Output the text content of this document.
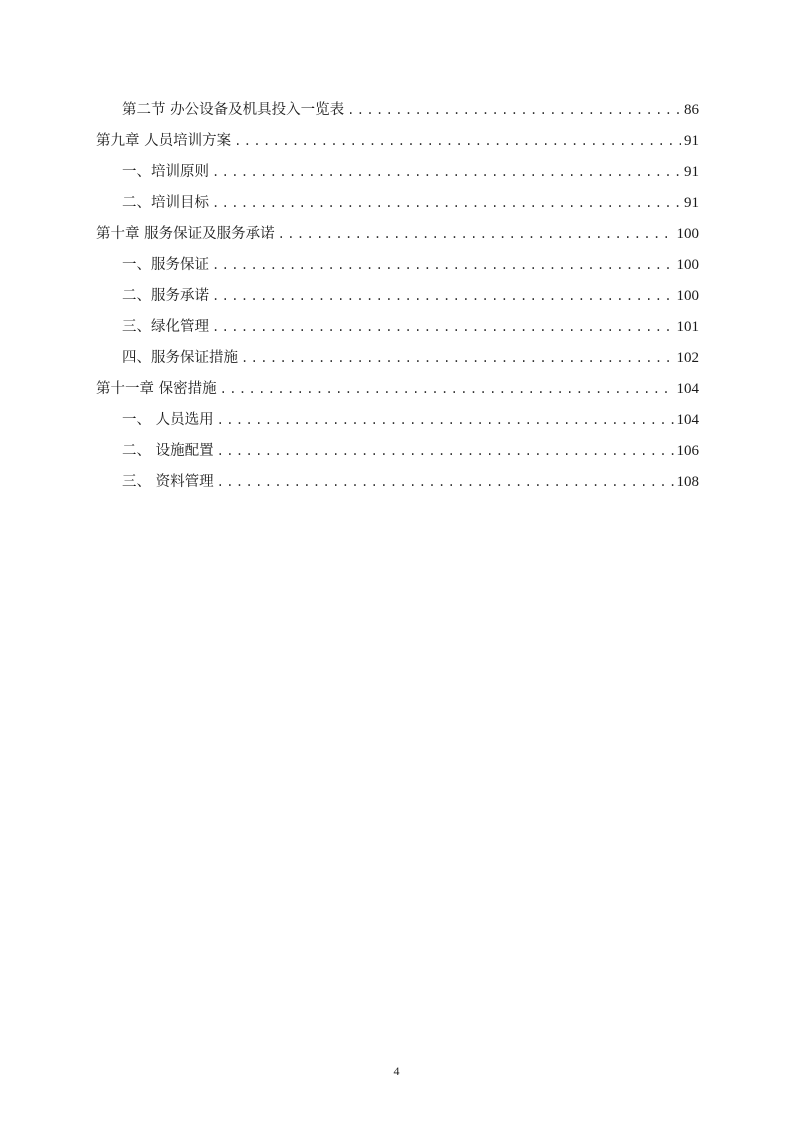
第二节 办公设备及机具投入一览表 .....	86
第九章 人员培训方案 .....	91
一、培训原则 .....	91
二、培训目标 .....	91
第十章 服务保证及服务承诺 .....	100
一、服务保证 .....	100
二、服务承诺 .....	100
三、绿化管理 .....	101
四、服务保证措施 .....	102
第十一章 保密措施 .....	104
一、 人员选用 .....	104
二、 设施配置 .....	106
三、 资料管理 .....	108
4
